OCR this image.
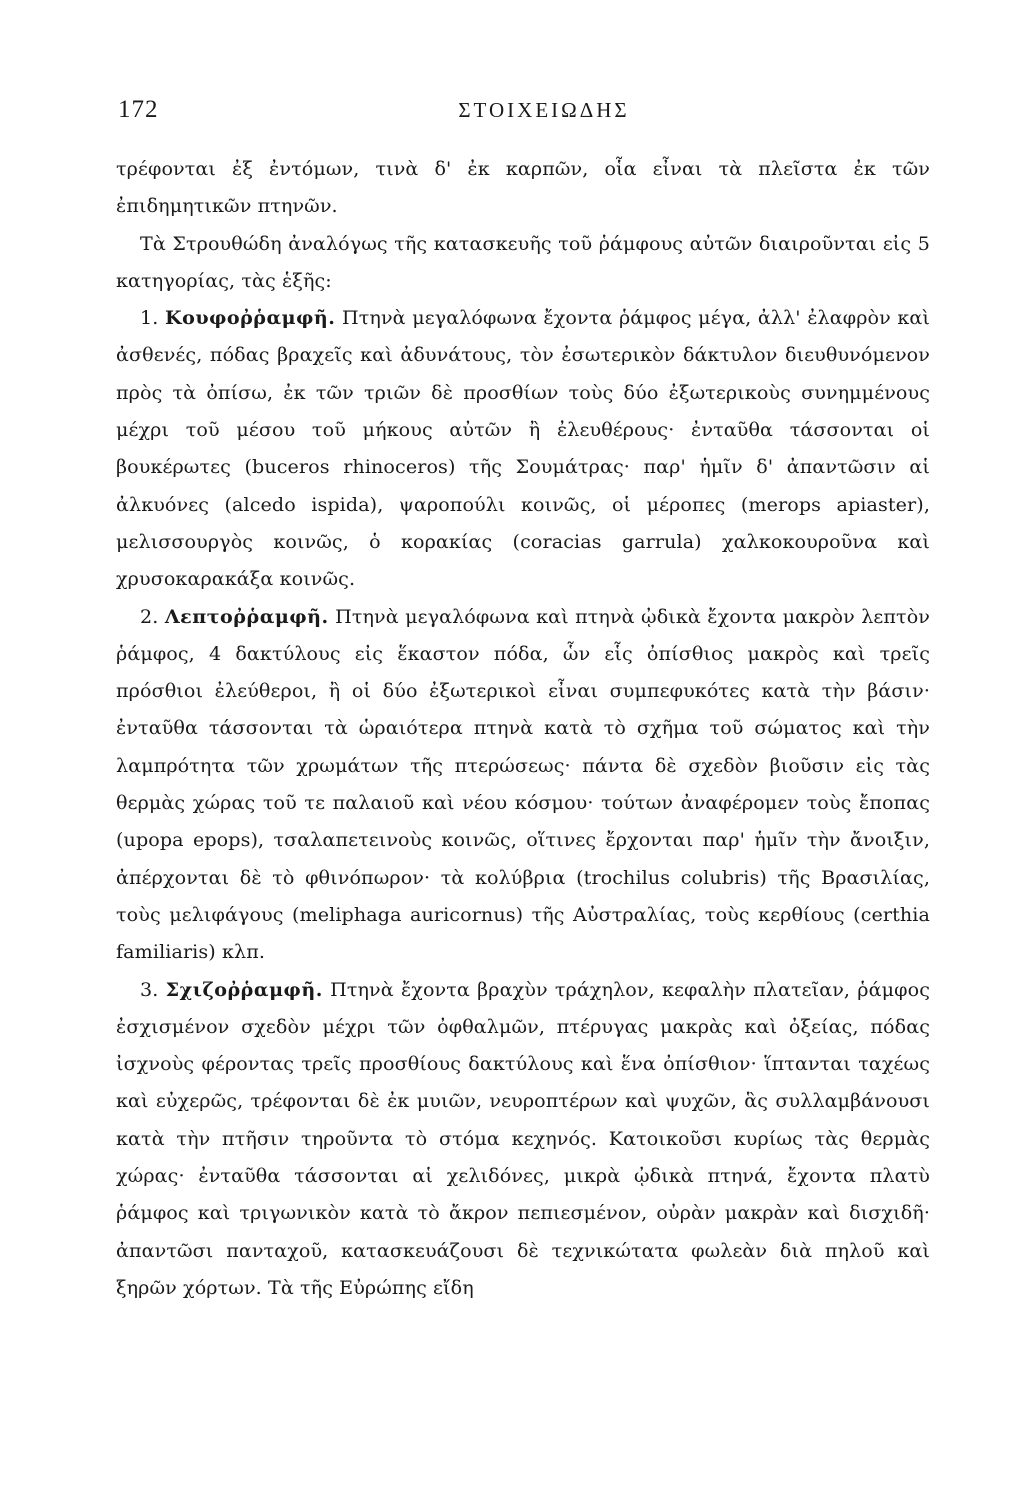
172	ΣΤΟΙΧΕΙΩΔΗΣ

τρέφονται ἐξ ἐντόμων, τινὰ δ' ἐκ καρπῶν, οἷα εἶναι τὰ πλεῖστα ἐκ τῶν ἐπιδημητικῶν πτηνῶν.

Τὰ Στρουθώδη ἀναλόγως τῆς κατασκευῆς τοῦ ῥάμφους αὐτῶν διαιροῦνται εἰς 5 κατηγορίας, τὰς ἑξῆς:

1. Κουφοῤῥαμφῆ. Πτηνὰ μεγαλόφωνα ἔχοντα ῥάμφος μέγα, ἀλλ' ἐλαφρὸν καὶ ἀσθενές, πόδας βραχεῖς καὶ ἀδυνάτους, τὸν ἐσωτερικὸν δάκτυλον διευθυνόμενον πρὸς τὰ ὀπίσω, ἐκ τῶν τριῶν δὲ προσθίων τοὺς δύο ἐξωτερικοὺς συνημμένους μέχρι τοῦ μέσου τοῦ μήκους αὐτῶν ἢ ἐλευθέρους· ἐνταῦθα τάσσονται οἱ βουκέρωτες (buceros rhinoceros) τῆς Σουμάτρας· παρ' ἡμῖν δ' ἀπαντῶσιν αἱ ἀλκυόνες (alcedo ispida), ψαροπούλι κοινῶς, οἱ μέροπες (merops apiaster), μελισσουργὸς κοινῶς, ὁ κορακίας (coracias garrula) χαλκοκουροῦνα καὶ χρυσοκαρακάξα κοινῶς.

2. Λεπτοῤῥαμφῆ. Πτηνὰ μεγαλόφωνα καὶ πτηνὰ ᾠδικὰ ἔχοντα μακρὸν λεπτὸν ῥάμφος, 4 δακτύλους εἰς ἕκαστον πόδα, ὧν εἷς ὀπίσθιος μακρὸς καὶ τρεῖς πρόσθιοι ἐλεύθεροι, ἢ οἱ δύο ἐξωτερικοὶ εἶναι συμπεφυκότες κατὰ τὴν βάσιν· ἐνταῦθα τάσσονται τὰ ὡραιότερα πτηνὰ κατὰ τὸ σχῆμα τοῦ σώματος καὶ τὴν λαμπρότητα τῶν χρωμάτων τῆς πτερώσεως· πάντα δὲ σχεδὸν βιοῦσιν εἰς τὰς θερμὰς χώρας τοῦ τε παλαιοῦ καὶ νέου κόσμου· τούτων ἀναφέρομεν τοὺς ἔποπας (upopa epops), τσαλαπετεινοὺς κοινῶς, οἵτινες ἔρχονται παρ' ἡμῖν τὴν ἄνοιξιν, ἀπέρχονται δὲ τὸ φθινόπωρον· τὰ κολύβρια (trochilus colubris) τῆς Βρασιλίας, τοὺς μελιφάγους (meliphaga auricornus) τῆς Αὐστραλίας, τοὺς κερθίους (certhia familiaris) κλπ.

3. Σχιζοῤῥαμφῆ. Πτηνὰ ἔχοντα βραχὺν τράχηλον, κεφαλὴν πλατεῖαν, ῥάμφος ἐσχισμένον σχεδὸν μέχρι τῶν ὀφθαλμῶν, πτέρυγας μακρὰς καὶ ὀξείας, πόδας ἰσχνοὺς φέροντας τρεῖς προσθίους δακτύλους καὶ ἕνα ὀπίσθιον· ἵπτανται ταχέως καὶ εὐχερῶς, τρέφονται δὲ ἐκ μυιῶν, νευροπτέρων καὶ ψυχῶν, ἃς συλλαμβάνουσι κατὰ τὴν πτῆσιν τηροῦντα τὸ στόμα κεχηνός. Κατοικοῦσι κυρίως τὰς θερμὰς χώρας· ἐνταῦθα τάσσονται αἱ χελιδόνες, μικρὰ ᾠδικὰ πτηνά, ἔχοντα πλατὺ ῥάμφος καὶ τριγωνικὸν κατὰ τὸ ἄκρον πεπιεσμένον, οὐρὰν μακρὰν καὶ δισχιδῆ· ἀπαντῶσι πανταχοῦ, κατασκευάζουσι δὲ τεχνικώτατα φωλεὰν διὰ πηλοῦ καὶ ξηρῶν χόρτων. Τὰ τῆς Εὐρώπης εἴδη
